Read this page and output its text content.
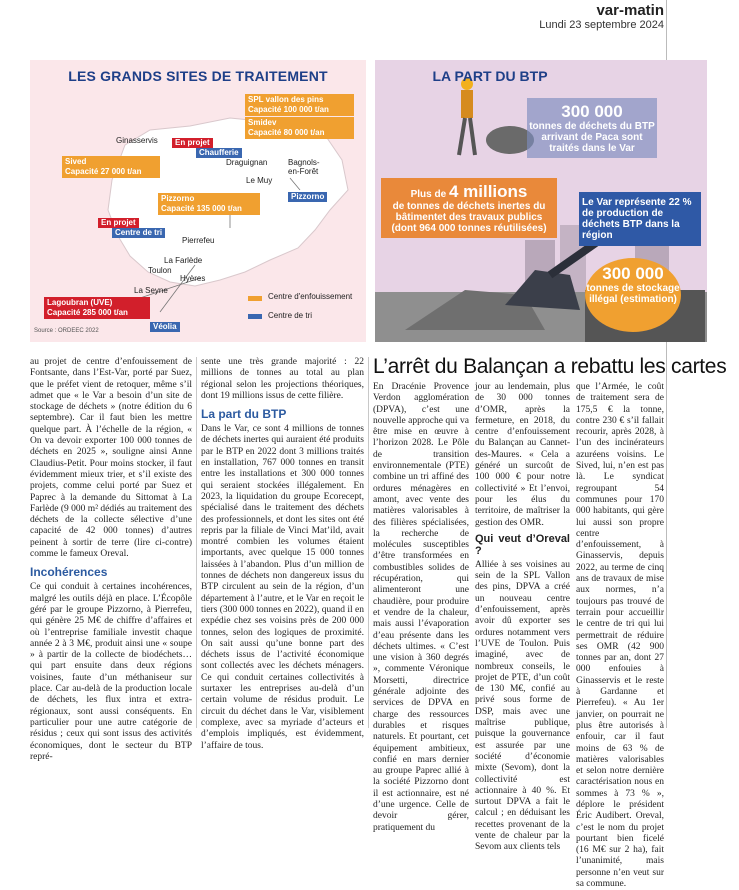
var-matin
Lundi 23 septembre 2024
LES GRANDS SITES DE TRAITEMENT
SPL vallon des pins
Capacité 100 000 t/an
Smidev
Capacité 80 000 t/an
Sived
Capacité 27 000 t/an
Pizzorno
Capacité 135 000 t/an
Lagoubran (UVE)
Capacité 285 000 t/an
En projet
En projet
Chaufferie
Pizzorno
Centre de tri
Véolia
Ginasservis
Draguignan	Bagnols- en-Forêt
Le Muy
Pierrefeu
La Farlède
Toulon
Hyères
La Seyne
Centre d'enfouissement
Centre de tri
Source : ORDEEC 2022
LA PART DU BTP
300 000
tonnes de déchets du BTP arrivant de Paca sont traités dans le Var
Plus de 4 millions
de tonnes de déchets inertes du bâtimentet des travaux publics (dont 964 000 tonnes réutilisées)
Le Var représente 22 % de production de déchets BTP dans la région
300 000
tonnes de stockage illégal (estimation)
L’arrêt du Balançan a rebattu les cartes

au projet de centre d’enfouissement de Fontsante, dans l’Est-Var, porté par Suez, que le préfet vient de retoquer, même s’il admet que « le Var a besoin d’un site de stockage de déchets » (notre édition du 6 septembre). Car il faut bien les mettre quelque part. À l’échelle de la région, « On va devoir exporter 100 000 tonnes de déchets en 2025 », souligne ainsi Anne Claudius-Petit. Pour moins stocker, il faut évidemment mieux trier, et s’il existe des projets, comme celui porté par Suez et Paprec à la demande du Sittomat à La Farlède (9 000 m² dédiés au traitement des déchets de la collecte sélective d’une capacité de 42 000 tonnes) d’autres peinent à sortir de terre (lire ci-contre) comme le fameux Oreval.

Incohérences

Ce qui conduit à certaines incohérences, malgré les outils déjà en place. L’Écopôle géré par le groupe Pizzorno, à Pierrefeu, qui génère 25 M€ de chiffre d’affaires et où l’entreprise familiale investit chaque année 2 à 3 M€, produit ainsi une « soupe » à partir de la collecte de biodéchets… qui part ensuite dans deux régions voisines, faute d’un méthaniseur sur place. Car au-delà de la production locale de déchets, les flux intra et extra-régionaux, sont aussi conséquents. En particulier pour une autre catégorie de résidus ; ceux qui sont issus des activités économiques, dont le secteur du BTP repré-

sente une très grande majorité : 22 millions de tonnes au total au plan régional selon les projections théoriques, dont 19 millions issus de cette filière.

La part du BTP

Dans le Var, ce sont 4 millions de tonnes de déchets inertes qui auraient été produits par le BTP en 2022 dont 3 millions traités en installation, 767 000 tonnes en transit entre les installations et 300 000 tonnes qui seraient stockées illégalement. En 2023, la liquidation du groupe Ecorecept, spécialisé dans le traitement des déchets des professionnels, et dont les sites ont été repris par la filiale de Vinci Mat’ild, avait montré combien les volumes étaient importants, avec quelque 15 000 tonnes laissées à l’abandon. Plus d’un million de tonnes de déchets non dangereux issus du BTP circulent au sein de la région, d’un département à l’autre, et le Var en reçoit le tiers (300 000 tonnes en 2022), quand il en expédie chez ses voisins près de 200 000 tonnes, selon des logiques de proximité. On sait aussi qu’une bonne part des déchets issus de l’activité économique sont collectés avec les déchets ménagers. Ce qui conduit certaines collectivités à surtaxer les entreprises au-delà d’un certain volume de résidus produit. Le circuit du déchet dans le Var, visiblement complexe, avec sa myriade d’acteurs et d’emplois impliqués, est évidemment, l’affaire de tous.

En Dracénie Provence Verdon agglomération (DPVA), c’est une nouvelle approche qui va être mise en œuvre à l’horizon 2028. Le Pôle de transition environnementale (PTE) combine un tri affiné des ordures ménagères en amont, avec vente des matières valorisables à des filières spécialisées, la recherche de molécules susceptibles d’être transformées en combustibles solides de récupération, qui alimenteront une chaudière, pour produire et vendre de la chaleur, mais aussi l’évaporation d’eau présente dans les déchets ultimes. « C’est une vision à 360 degrés », commente Véronique Morsetti, directrice générale adjointe des services de DPVA en charge des ressources durables et risques naturels. Et pourtant, cet équipement ambitieux, confié en mars dernier au groupe Paprec allié à la société Pizzorno dont il est actionnaire, est né d’une urgence. Celle de devoir gérer, pratiquement du

jour au lendemain, plus de 30 000 tonnes d’OMR, après la fermeture, en 2018, du centre d’enfouissement du Balançan au Cannet-des-Maures. « Cela a généré un surcoût de 100 000 € pour notre collectivité » Et l’envoi, pour les élus du territoire, de maîtriser la gestion des OMR.

Qui veut d’Oreval ?

Alliée à ses voisines au sein de la SPL Vallon des pins, DPVA a créé un nouveau centre d’enfouissement, après avoir dû exporter ses ordures notamment vers l’UVE de Toulon. Puis imaginé, avec de nombreux conseils, le projet de PTE, d’un coût de 130 M€, confié au privé sous forme de DSP, mais avec une maîtrise publique, puisque la gouvernance est assurée par une société d’économie mixte (Sevom), dont la collectivité est actionnaire à 40 %. Et surtout DPVA a fait le calcul ; en déduisant les recettes provenant de la vente de chaleur par la Sevom aux clients tels

que l’Armée, le coût de traitement sera de 175,5 € la tonne, contre 230 € s’il fallait recourir, après 2028, à l’un des incinérateurs azuréens voisins. Le Sived, lui, n’en est pas là. Le syndicat regroupant 54 communes pour 170 000 habitants, qui gère lui aussi son propre centre d’enfouissement, à Ginasservis, depuis 2022, au terme de cinq ans de travaux de mise aux normes, n’a toujours pas trouvé de terrain pour accueillir le centre de tri qui lui permettrait de réduire ses OMR (42 900 tonnes par an, dont 27 000 enfouies à Ginasservis et le reste à Gardanne et Pierrefeu). « Au 1er janvier, on pourrait ne plus être autorisés à enfouir, car il faut moins de 63 % de matières valorisables et selon notre dernière caractérisation nous en sommes à 73 % », déplore le président Éric Audibert. Oreval, c’est le nom du projet pourtant bien ficelé (16 M€ sur 2 ha), fait l’unanimité, mais personne n’en veut sur sa commune.
